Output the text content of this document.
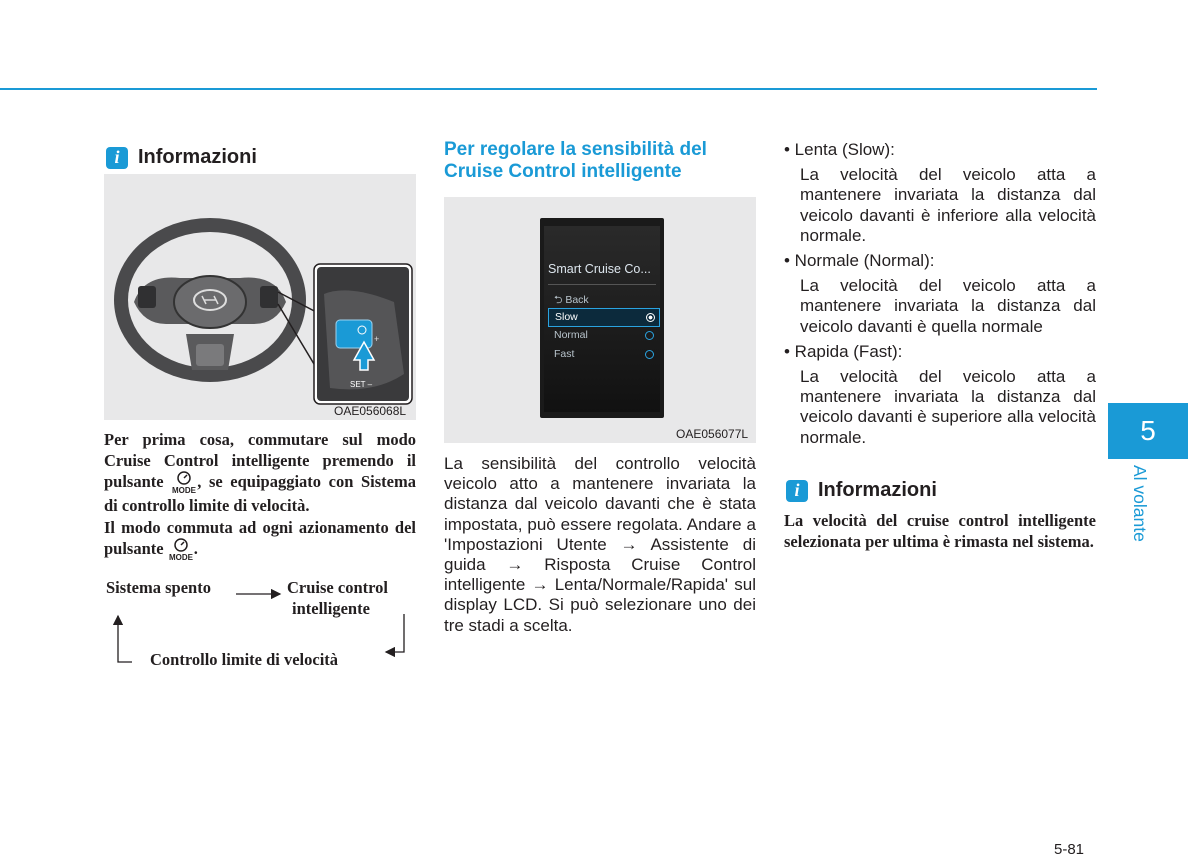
i Informazioni
+
SET –
OAE056068L
Per prima cosa, commutare sul modo Cruise Control intelligente premendo il pulsante MODE , se equipaggiato con Sistema di controllo limite di velocità.
Il modo commuta ad ogni azionamento del pulsante MODE .
Sistema spento	Cruise control
intelligente
Controllo limite di velocità
Per regolare la sensibilità del Cruise Control intelligente
Smart Cruise Co...
⮌ Back
Slow
Normal
Fast
OAE056077L
La sensibilità del controllo velocità veicolo atto a mantenere invariata la distanza dal veicolo davanti che è stata impostata, può essere regolata. Andare a 'Impostazioni Utente → Assistente di guida → Risposta Cruise Control intelligente → Lenta/Normale/Rapida' sul display LCD. Si può selezionare uno dei tre stadi a scelta.

• Lenta (Slow):

La velocità del veicolo atta a mantenere invariata la distanza dal veicolo davanti è inferiore alla velocità normale.

• Normale (Normal):

La velocità del veicolo atta a mantenere invariata la distanza dal veicolo davanti è quella normale

• Rapida (Fast):

La velocità del veicolo atta a mantenere invariata la distanza dal veicolo davanti è superiore alla velocità normale.

i Informazioni
La velocità del cruise control intelligente selezionata per ultima è rimasta nel sistema.
5
Al volante
5-81
